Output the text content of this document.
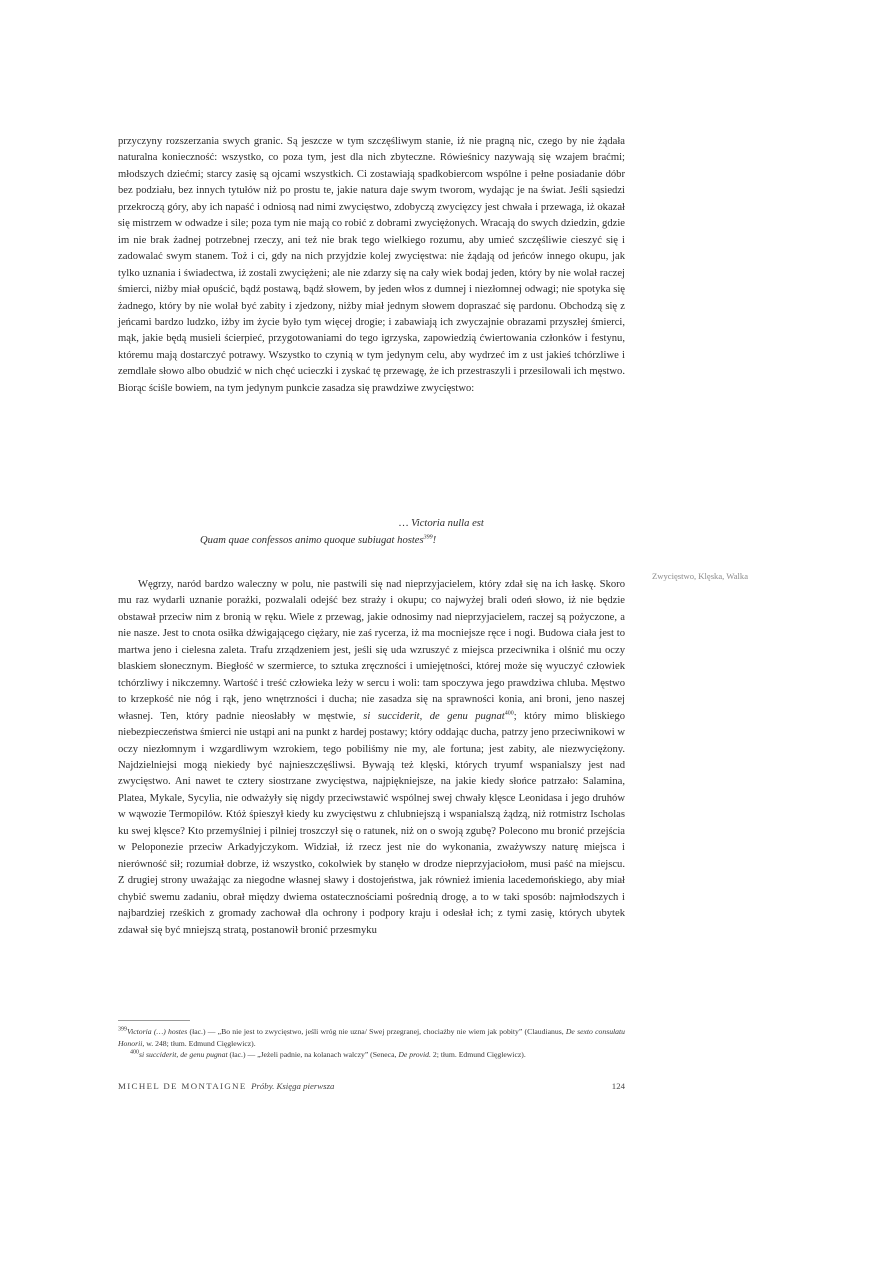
przyczyny rozszerzania swych granic. Są jeszcze w tym szczęśliwym stanie, iż nie pragną nic, czego by nie żądała naturalna konieczność: wszystko, co poza tym, jest dla nich zbyteczne. Rówieśnicy nazywają się wzajem braćmi; młodszych dziećmi; starcy zasię są ojcami wszystkich. Ci zostawiają spadkobiercom wspólne i pełne posiadanie dóbr bez podziału, bez innych tytułów niż po prostu te, jakie natura daje swym tworom, wydając je na świat. Jeśli sąsiedzi przekroczą góry, aby ich napaść i odniosą nad nimi zwycięstwo, zdobyczą zwycięzcy jest chwała i przewaga, iż okazał się mistrzem w odwadze i sile; poza tym nie mają co robić z dobrami zwyciężonych. Wracają do swych dziedzin, gdzie im nie brak żadnej potrzebnej rzeczy, ani też nie brak tego wielkiego rozumu, aby umieć szczęśliwie cieszyć się i zadowalać swym stanem. Toż i ci, gdy na nich przyjdzie kolej zwycięstwa: nie żądają od jeńców innego okupu, jak tylko uznania i świadectwa, iż zostali zwyciężeni; ale nie zdarzy się na cały wiek bodaj jeden, który by nie wolał raczej śmierci, niżby miał opuścić, bądź postawą, bądź słowem, by jeden włos z dumnej i niezłomnej odwagi; nie spotyka się żadnego, który by nie wolał być zabity i zjedzony, niżby miał jednym słowem dopraszać się pardonu. Obchodzą się z jeńcami bardzo ludzko, iżby im życie było tym więcej drogie; i zabawiają ich zwyczajnie obrazami przyszłej śmierci, mąk, jakie będą musieli ścierpieć, przygotowaniami do tego igrzyska, zapowiedzią ćwiertowania członków i festynu, któremu mają dostarczyć potrawy. Wszystko to czynią w tym jedynym celu, aby wydrzeć im z ust jakieś tchórzliwe i zemdlałe słowo albo obudzić w nich chęć ucieczki i zyskać tę przewagę, że ich przestraszyli i przesilowali ich męstwo. Biorąc ściśle bowiem, na tym jedynym punkcie zasadza się prawdziwe zwycięstwo:

… Victoria nulla est
Quam quae confessos animo quoque subiugat hostes$^{399}$!
Zwycięstwo, Klęska, Walka

Węgrzy, naród bardzo waleczny w polu, nie pastwili się nad nieprzyjacielem, który zdał się na ich łaskę. Skoro mu raz wydarli uznanie porażki, pozwalali odejść bez straży i okupu; co najwyżej brali odeń słowo, iż nie będzie obstawał przeciw nim z bronią w ręku. Wiele z przewag, jakie odnosimy nad nieprzyjacielem, raczej są pożyczone, a nie nasze. Jest to cnota osiłka dźwigającego ciężary, nie zaś rycerza, iż ma mocniejsze ręce i nogi. Budowa ciała jest to martwa jeno i cielesna zaleta. Trafu zrządzeniem jest, jeśli się uda wzruszyć z miejsca przeciwnika i olśnić mu oczy blaskiem słonecznym. Biegłość w szermierce, to sztuka zręczności i umiejętności, której może się wyuczyć człowiek tchórzliwy i nikczemny. Wartość i treść człowieka leży w sercu i woli: tam spoczywa jego prawdziwa chluba. Męstwo to krzepkość nie nóg i rąk, jeno wnętrzności i ducha; nie zasadza się na sprawności konia, ani broni, jeno naszej własnej. Ten, który padnie nieosłabły w męstwie, si succiderit, de genu pugnat$^{400}$; który mimo bliskiego niebezpieczeństwa śmierci nie ustąpi ani na punkt z hardej postawy; który oddając ducha, patrzy jeno przeciwnikowi w oczy niezłomnym i wzgardliwym wzrokiem, tego pobiliśmy nie my, ale fortuna; jest zabity, ale niezwyciężony. Najdzielniejsi mogą niekiedy być najnieszczęśliwsi. Bywają też klęski, których tryumf wspanialszy jest nad zwycięstwo. Ani nawet te cztery siostrzane zwycięstwa, najpiękniejsze, na jakie kiedy słońce patrzało: Salamina, Platea, Mykale, Sycylia, nie odważyły się nigdy przeciwstawić wspólnej swej chwały klęsce Leonidasa i jego druhów w wąwozie Termopilów. Któż śpieszył kiedy ku zwycięstwu z chlubniejszą i wspanialszą żądzą, niż rotmistrz Ischolas ku swej klęsce? Kto przemyślniej i pilniej troszczył się o ratunek, niż on o swoją zgubę? Polecono mu bronić przejścia w Peloponezie przeciw Arkadyjczykom. Widział, iż rzecz jest nie do wykonania, zważywszy naturę miejsca i nierówność sił; rozumiał dobrze, iż wszystko, cokolwiek by stanęło w drodze nieprzyjaciołom, musi paść na miejscu. Z drugiej strony uważając za niegodne własnej sławy i dostojeństwa, jak również imienia lacedemońskiego, aby miał chybić swemu zadaniu, obrał między dwiema ostatecznościami pośrednią drogę, a to w taki sposób: najmłodszych i najbardziej rześkich z gromady zachował dla ochrony i podpory kraju i odesłał ich; z tymi zasię, których ubytek zdawał się być mniejszą stratą, postanowił bronić przesmyku

$^{399}$Victoria (…) hostes (łac.) — „Bo nie jest to zwycięstwo, jeśli wróg nie uzna/ Swej przegranej, chociażby nie wiem jak pobity” (Claudianus, De sexto consulatu Honorii, w. 248; tłum. Edmund Cięglewicz).

$^{400}$si succiderit, de genu pugnat (łac.) — „Jeżeli padnie, na kolanach walczy” (Seneca, De provid. 2; tłum. Edmund Cięglewicz).

MICHEL DE MONTAIGNE Próby. Księga pierwsza	124
